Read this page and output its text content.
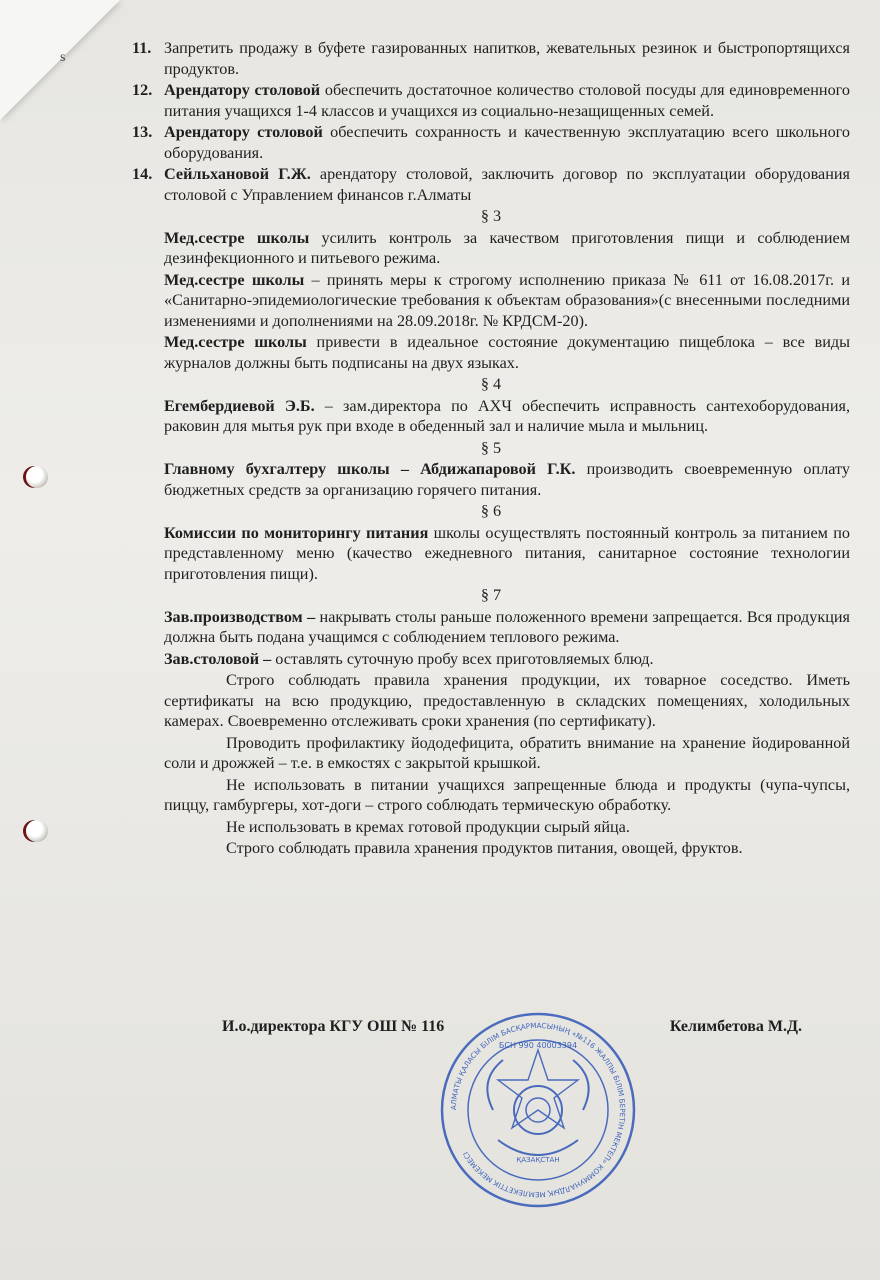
s
11. Запретить продажу в буфете газированных напитков, жевательных резинок и быстропортящихся продуктов.
12. Арендатору столовой обеспечить достаточное количество столовой посуды для единовременного питания учащихся 1-4 классов и учащихся из социально-незащищенных семей.
13. Арендатору столовой обеспечить сохранность и качественную эксплуатацию всего школьного оборудования.
14. Сейльхановой Г.Ж. арендатору столовой, заключить договор по эксплуатации оборудования столовой с Управлением финансов г.Алматы
§ 3
Мед.сестре школы усилить контроль за качеством приготовления пищи и соблюдением дезинфекционного и питьевого режима.
Мед.сестре школы – принять меры к строгому исполнению приказа № 611 от 16.08.2017г. и «Санитарно-эпидемиологические требования к объектам образования»(с внесенными последними изменениями и дополнениями на 28.09.2018г. № КРДСМ-20).
Мед.сестре школы привести в идеальное состояние документацию пищеблока – все виды журналов должны быть подписаны на двух языках.
§ 4
Егембердиевой Э.Б. – зам.директора по АХЧ обеспечить исправность сантехоборудования, раковин для мытья рук при входе в обеденный зал и наличие мыла и мыльниц.
§ 5
Главному бухгалтеру школы – Абдижапаровой Г.К. производить своевременную оплату бюджетных средств за организацию горячего питания.
§ 6
Комиссии по мониторингу питания школы осуществлять постоянный контроль за питанием по представленному меню (качество ежедневного питания, санитарное состояние технологии приготовления пищи).
§ 7
Зав.производством – накрывать столы раньше положенного времени запрещается. Вся продукция должна быть подана учащимся с соблюдением теплового режима.
Зав.столовой – оставлять суточную пробу всех приготовляемых блюд.
Строго соблюдать правила хранения продукции, их товарное соседство. Иметь сертификаты на всю продукцию, предоставленную в складских помещениях, холодильных камерах. Своевременно отслеживать сроки хранения (по сертификату).
Проводить профилактику йододефицита, обратить внимание на хранение йодированной соли и дрожжей – т.е. в емкостях с закрытой крышкой.
Не использовать в питании учащихся запрещенные блюда и продукты (чупа-чупсы, пиццу, гамбургеры, хот-доги – строго соблюдать термическую обработку.
Не использовать в кремах готовой продукции сырый яйца.
Строго соблюдать правила хранения продуктов питания, овощей, фруктов.
И.о.директора КГУ ОШ № 116	Келимбетова М.Д.
АЛМАТЫ ҚАЛАСЫ БІЛІМ БАСҚАРМАСЫНЫҢ «№116 ЖАЛПЫ БІЛІМ БЕРЕТІН МЕКТЕП» КОММУНАЛДЫҚ МЕМЛЕКЕТТІК МЕКЕМЕСІ
БСН 990 40003394
ҚАЗАҚСТАН
